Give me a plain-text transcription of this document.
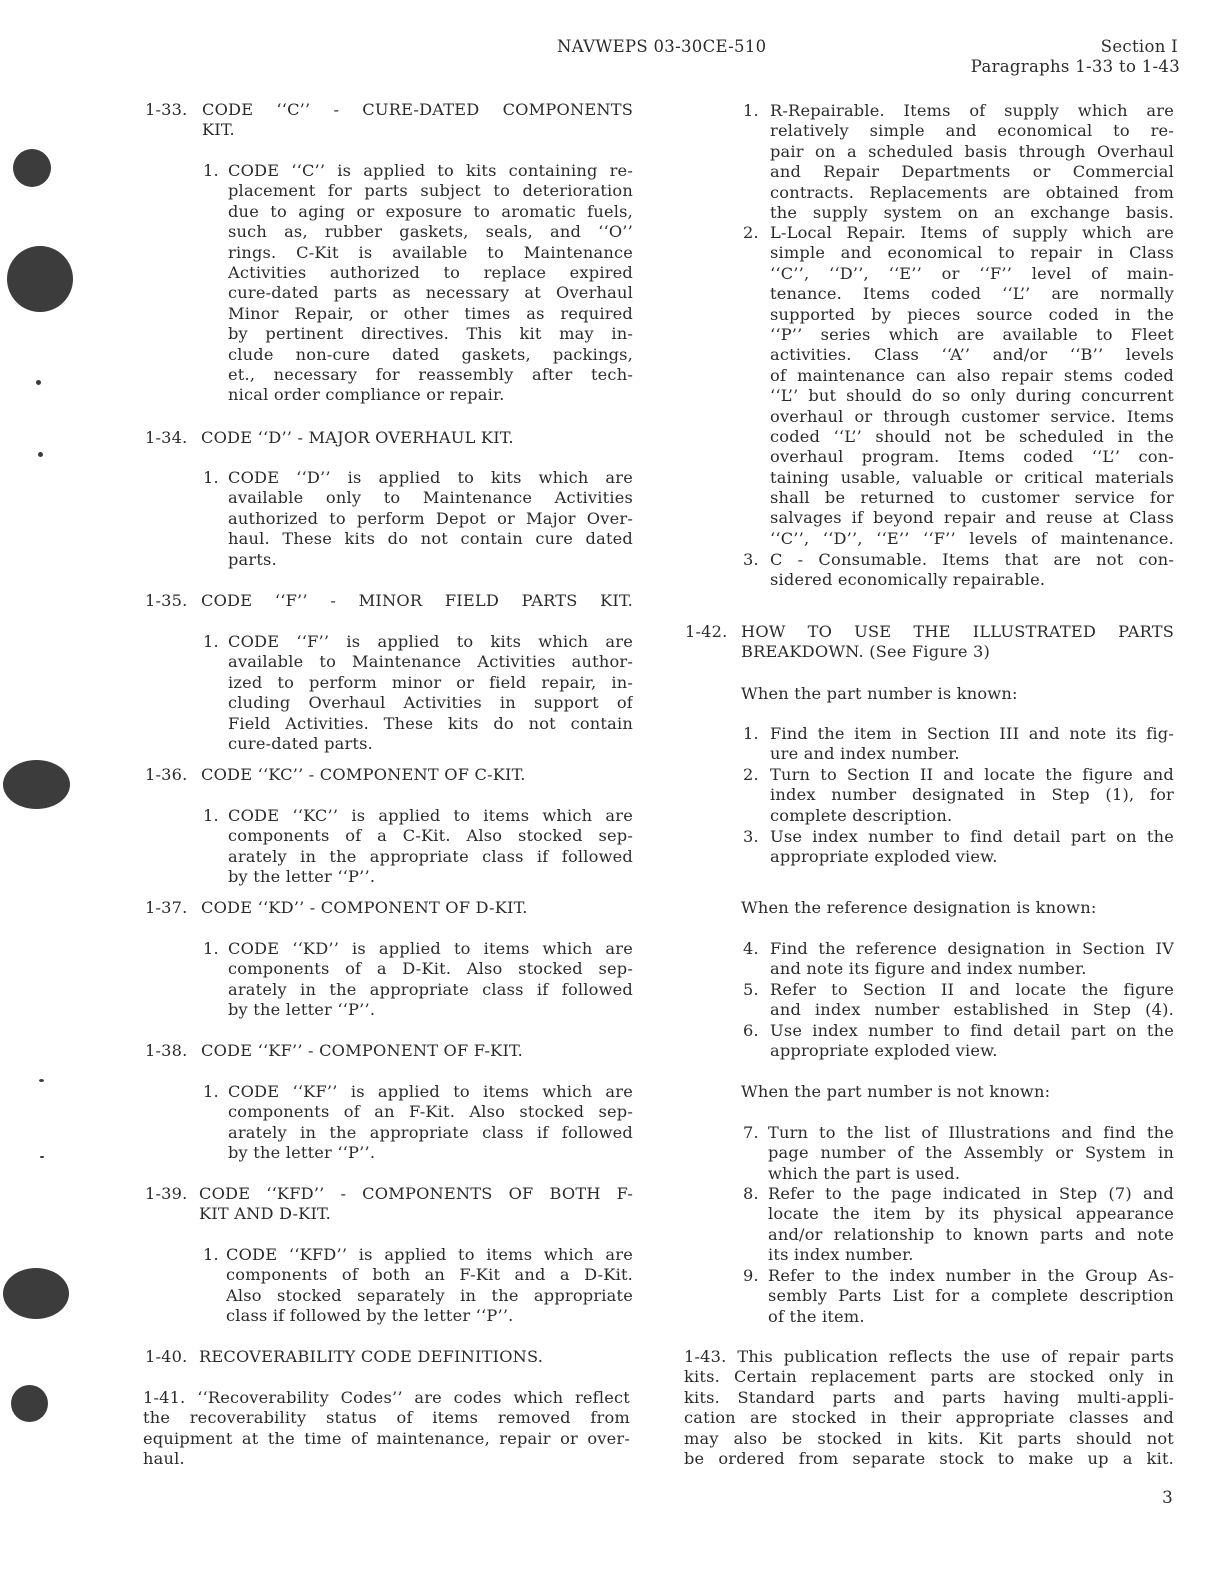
NAVWEPS 03-30CE-510	Section I
Paragraphs 1-33 to 1-43
1-33. CODE ‘‘C’’ - CURE-DATED COMPONENTS
KIT.
1. CODE ‘‘C’’ is applied to kits containing re-
placement for parts subject to deterioration
due to aging or exposure to aromatic fuels,
such as, rubber gaskets, seals, and ‘‘O’’
rings. C-Kit is available to Maintenance
Activities authorized to replace expired
cure-dated parts as necessary at Overhaul
Minor Repair, or other times as required
by pertinent directives. This kit may in-
clude non-cure dated gaskets, packings,
et., necessary for reassembly after tech-
nical order compliance or repair.
1-34. CODE ‘‘D’’ - MAJOR OVERHAUL KIT.
1. CODE ‘‘D’’ is applied to kits which are
available only to Maintenance Activities
authorized to perform Depot or Major Over-
haul. These kits do not contain cure dated
parts.
1-35. CODE ‘‘F’’ - MINOR FIELD PARTS KIT.
1. CODE ‘‘F’’ is applied to kits which are
available to Maintenance Activities author-
ized to perform minor or field repair, in-
cluding Overhaul Activities in support of
Field Activities. These kits do not contain
cure-dated parts.
1-36. CODE ‘‘KC’’ - COMPONENT OF C-KIT.
1. CODE ‘‘KC’’ is applied to items which are
components of a C-Kit. Also stocked sep-
arately in the appropriate class if followed
by the letter ‘‘P’’.
1-37. CODE ‘‘KD’’ - COMPONENT OF D-KIT.
1. CODE ‘‘KD’’ is applied to items which are
components of a D-Kit. Also stocked sep-
arately in the appropriate class if followed
by the letter ‘‘P’’.
1-38. CODE ‘‘KF’’ - COMPONENT OF F-KIT.
1. CODE ‘‘KF’’ is applied to items which are
components of an F-Kit. Also stocked sep-
arately in the appropriate class if followed
by the letter ‘‘P’’.
1-39. CODE ‘‘KFD’’ - COMPONENTS OF BOTH F-
KIT AND D-KIT.
1. CODE ‘‘KFD’’ is applied to items which are
components of both an F-Kit and a D-Kit.
Also stocked separately in the appropriate
class if followed by the letter ‘‘P’’.
1-40. RECOVERABILITY CODE DEFINITIONS.
1-41. ‘‘Recoverability Codes’’ are codes which reflect
the recoverability status of items removed from
equipment at the time of maintenance, repair or over-
haul.
1. R-Repairable. Items of supply which are
relatively simple and economical to re-
pair on a scheduled basis through Overhaul
and Repair Departments or Commercial
contracts. Replacements are obtained from
the supply system on an exchange basis.
2. L-Local Repair. Items of supply which are
simple and economical to repair in Class
‘‘C’’, ‘‘D’’, ‘‘E’’ or ‘‘F’’ level of main-
tenance. Items coded ‘‘L’’ are normally
supported by pieces source coded in the
‘‘P’’ series which are available to Fleet
activities. Class ‘‘A’’ and/or ‘‘B’’ levels
of maintenance can also repair stems coded
‘‘L’’ but should do so only during concurrent
overhaul or through customer service. Items
coded ‘‘L’’ should not be scheduled in the
overhaul program. Items coded ‘‘L’’ con-
taining usable, valuable or critical materials
shall be returned to customer service for
salvages if beyond repair and reuse at Class
‘‘C’’, ‘‘D’’, ‘‘E’’ ‘‘F’’ levels of maintenance.
3. C - Consumable. Items that are not con-
sidered economically repairable.
1-42. HOW TO USE THE ILLUSTRATED PARTS
BREAKDOWN. (See Figure 3)
When the part number is known:
1. Find the item in Section III and note its fig-
ure and index number.
2. Turn to Section II and locate the figure and
index number designated in Step (1), for
complete description.
3. Use index number to find detail part on the
appropriate exploded view.
When the reference designation is known:
4. Find the reference designation in Section IV
and note its figure and index number.
5. Refer to Section II and locate the figure
and index number established in Step (4).
6. Use index number to find detail part on the
appropriate exploded view.
When the part number is not known:
7. Turn to the list of Illustrations and find the
page number of the Assembly or System in
which the part is used.
8. Refer to the page indicated in Step (7) and
locate the item by its physical appearance
and/or relationship to known parts and note
its index number.
9. Refer to the index number in the Group As-
sembly Parts List for a complete description
of the item.
1-43. This publication reflects the use of repair parts
kits. Certain replacement parts are stocked only in
kits. Standard parts and parts having multi-appli-
cation are stocked in their appropriate classes and
may also be stocked in kits. Kit parts should not
be ordered from separate stock to make up a kit.
3
